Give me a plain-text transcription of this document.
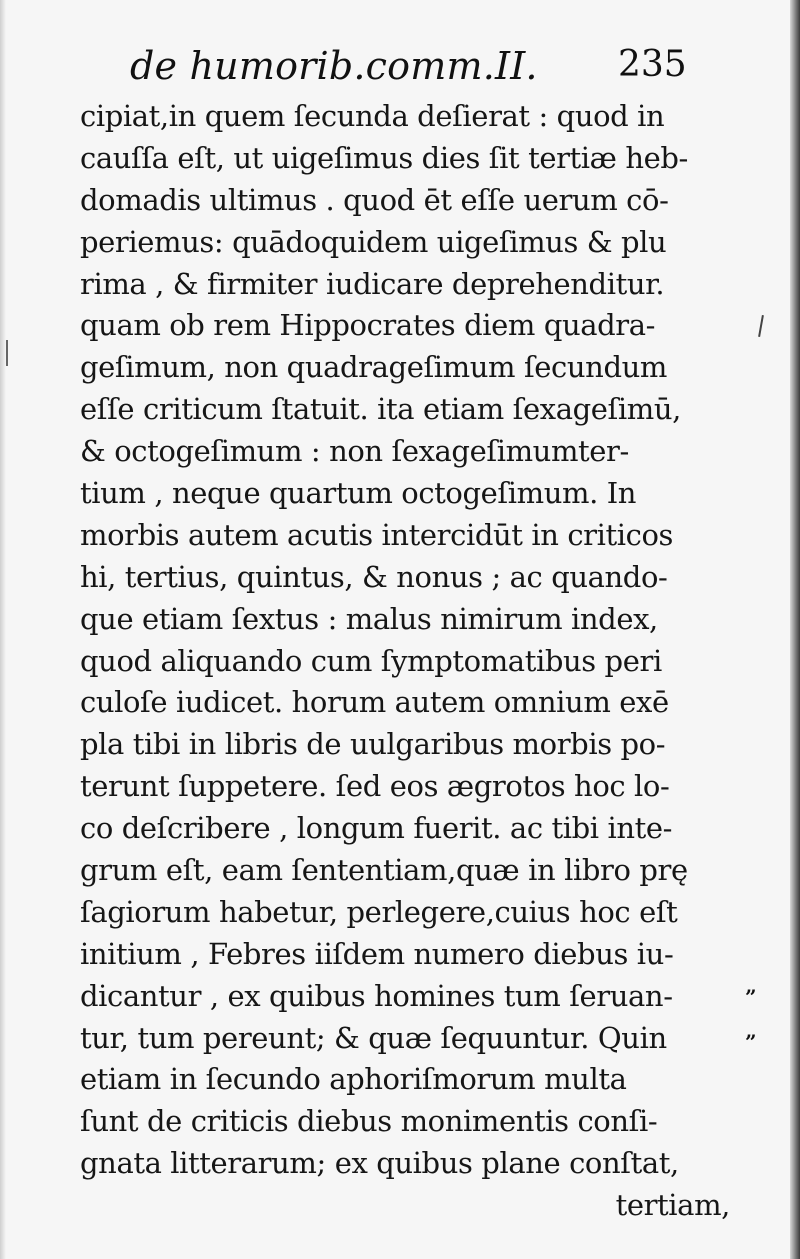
de humorib.comm.II. 235
cipiat,in quem ſecunda deſierat : quod in
cauſſa eſt, ut uigeſimus dies ſit tertiæ heb-
domadis ultimus . quod ēt eſſe uerum cō-
periemus: quādoquidem uigeſimus & plu
rima , & firmiter iudicare deprehenditur.
quam ob rem Hippocrates diem quadra-
geſimum, non quadrageſimum ſecundum
eſſe criticum ſtatuit. ita etiam ſexageſimū,
& octogeſimum : non ſexageſimumter-
tium , neque quartum octogeſimum. In
morbis autem acutis intercidūt in criticos
hi, tertius, quintus, & nonus ; ac quando-
que etiam ſextus : malus nimirum index,
quod aliquando cum ſymptomatibus peri
culoſe iudicet. horum autem omnium exē
pla tibi in libris de uulgaribus morbis po-
terunt ſuppetere. ſed eos ægrotos hoc lo-
co deſcribere , longum fuerit. ac tibi inte-
grum eſt, eam ſententiam,quæ in libro prę
ſagiorum habetur, perlegere,cuius hoc eſt
initium , Febres iiſdem numero diebus iu-
dicantur , ex quibus homines tum ſeruan-
tur, tum pereunt; & quæ ſequuntur. Quin
etiam in ſecundo aphoriſmorum multa
ſunt de criticis diebus monimentis conſi-
gnata litterarum; ex quibus plane conſtat,
tertiam,
”
”
